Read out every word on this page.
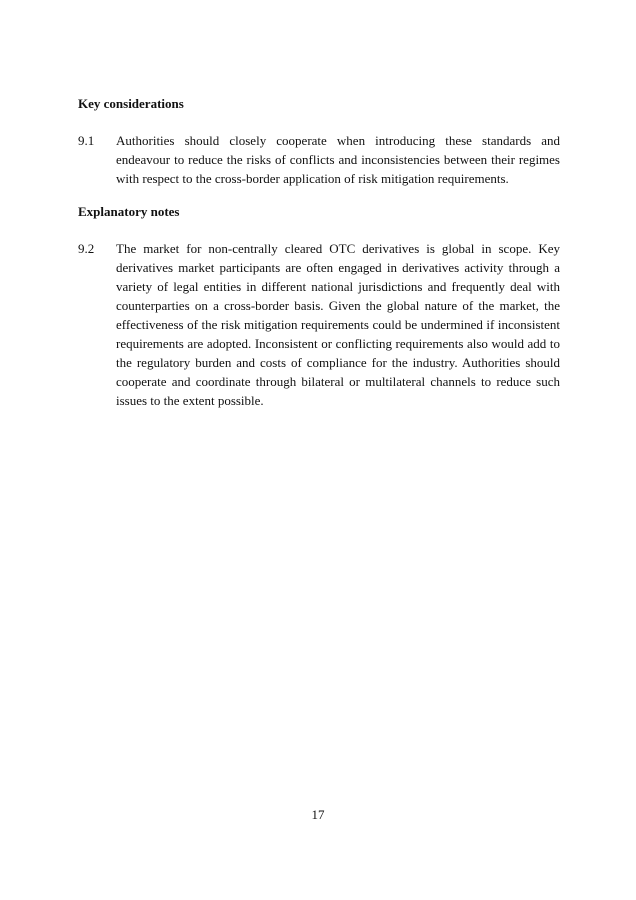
Key considerations
9.1	Authorities should closely cooperate when introducing these standards and endeavour to reduce the risks of conflicts and inconsistencies between their regimes with respect to the cross-border application of risk mitigation requirements.
Explanatory notes
9.2	The market for non-centrally cleared OTC derivatives is global in scope. Key derivatives market participants are often engaged in derivatives activity through a variety of legal entities in different national jurisdictions and frequently deal with counterparties on a cross-border basis. Given the global nature of the market, the effectiveness of the risk mitigation requirements could be undermined if inconsistent requirements are adopted. Inconsistent or conflicting requirements also would add to the regulatory burden and costs of compliance for the industry. Authorities should cooperate and coordinate through bilateral or multilateral channels to reduce such issues to the extent possible.
17
